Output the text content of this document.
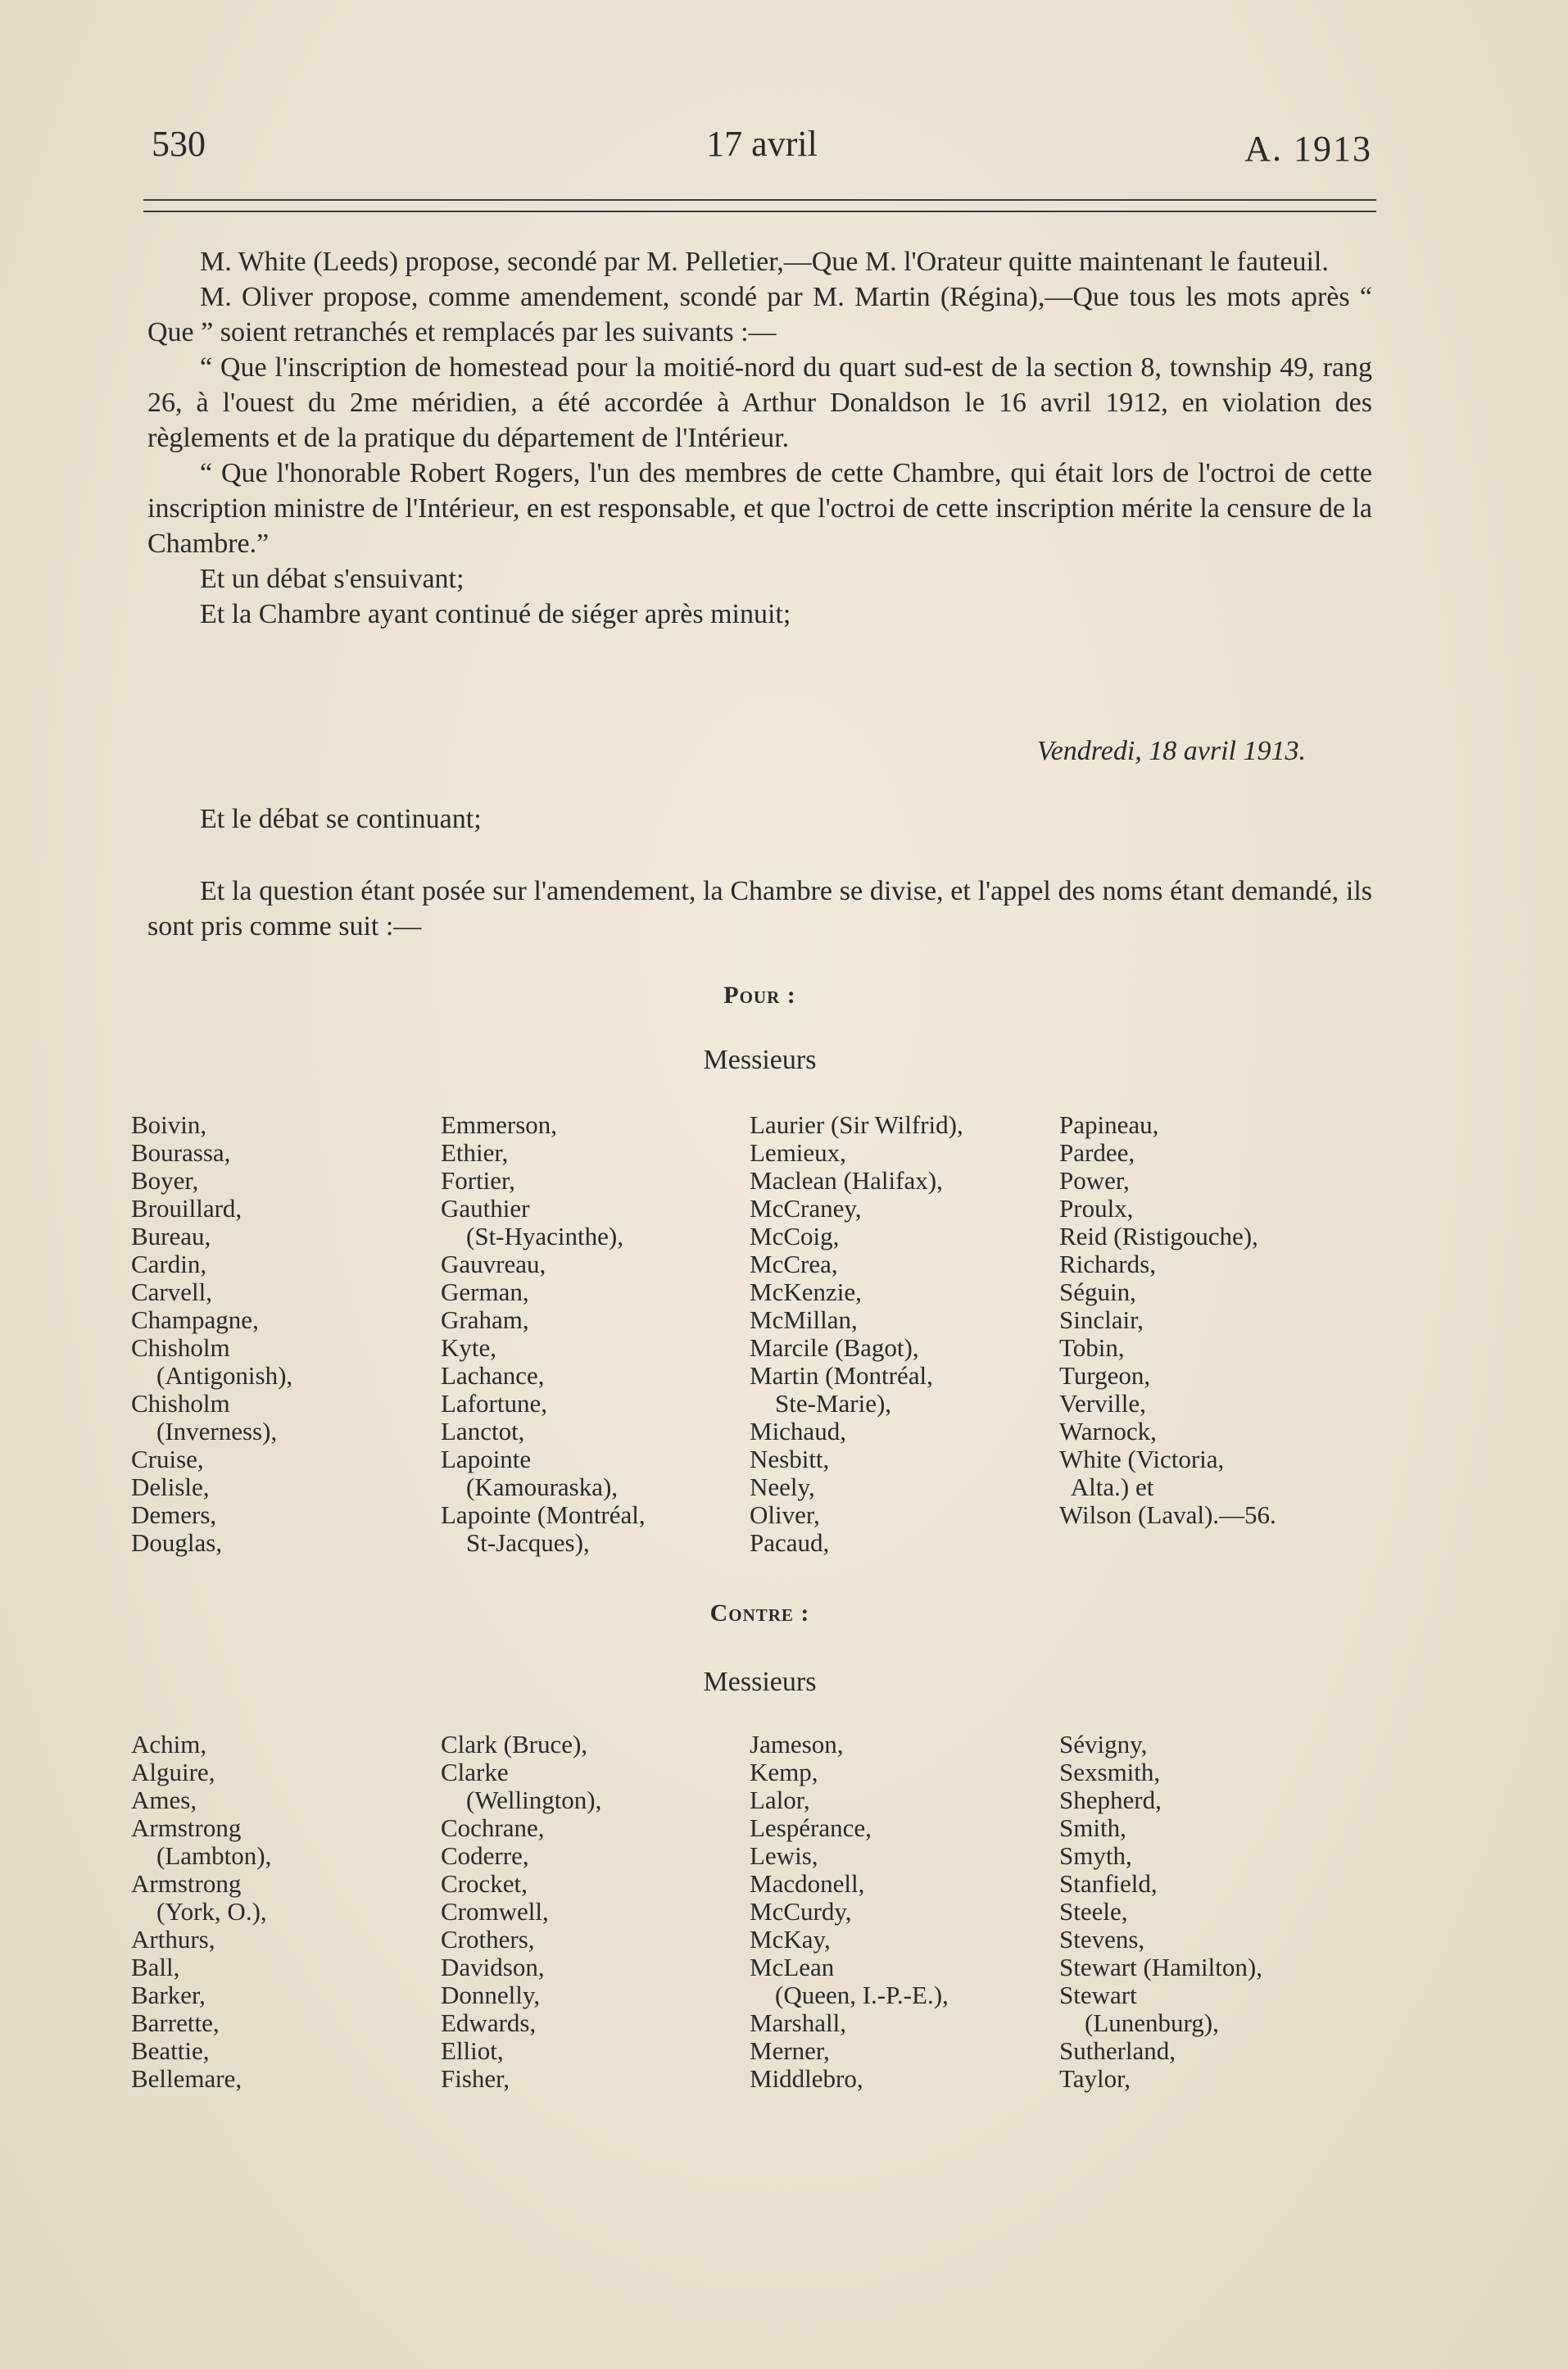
530	17 avril	A. 1913

M. White (Leeds) propose, secondé par M. Pelletier,—Que M. l'Orateur quitte maintenant le fauteuil.

M. Oliver propose, comme amendement, scondé par M. Martin (Régina),—Que tous les mots après “ Que ” soient retranchés et remplacés par les suivants :—

“ Que l'inscription de homestead pour la moitié-nord du quart sud-est de la section 8, township 49, rang 26, à l'ouest du 2me méridien, a été accordée à Arthur Donaldson le 16 avril 1912, en violation des règlements et de la pratique du département de l'Intérieur.

“ Que l'honorable Robert Rogers, l'un des membres de cette Chambre, qui était lors de l'octroi de cette inscription ministre de l'Intérieur, en est responsable, et que l'octroi de cette inscription mérite la censure de la Chambre.”

Et un débat s'ensuivant;

Et la Chambre ayant continué de siéger après minuit;

Vendredi, 18 avril 1913.
Et le débat se continuant;
Et la question étant posée sur l'amendement, la Chambre se divise, et l'appel des noms étant demandé, ils sont pris comme suit :—
Pour :
Messieurs
Boivin,
Bourassa,
Boyer,
Brouillard,
Bureau,
Cardin,
Carvell,
Champagne,
Chisholm
(Antigonish),
Chisholm
(Inverness),
Cruise,
Delisle,
Demers,
Douglas,
Emmerson,
Ethier,
Fortier,
Gauthier
(St-Hyacinthe),
Gauvreau,
German,
Graham,
Kyte,
Lachance,
Lafortune,
Lanctot,
Lapointe
(Kamouraska),
Lapointe (Montréal,
St-Jacques),
Laurier (Sir Wilfrid),
Lemieux,
Maclean (Halifax),
McCraney,
McCoig,
McCrea,
McKenzie,
McMillan,
Marcile (Bagot),
Martin (Montréal,
Ste-Marie),
Michaud,
Nesbitt,
Neely,
Oliver,
Pacaud,
Papineau,
Pardee,
Power,
Proulx,
Reid (Ristigouche),
Richards,
Séguin,
Sinclair,
Tobin,
Turgeon,
Verville,
Warnock,
White (Victoria,
Alta.) et
Wilson (Laval).—56.
Contre :
Messieurs
Achim,
Alguire,
Ames,
Armstrong
(Lambton),
Armstrong
(York, O.),
Arthurs,
Ball,
Barker,
Barrette,
Beattie,
Bellemare,
Clark (Bruce),
Clarke
(Wellington),
Cochrane,
Coderre,
Crocket,
Cromwell,
Crothers,
Davidson,
Donnelly,
Edwards,
Elliot,
Fisher,
Jameson,
Kemp,
Lalor,
Lespérance,
Lewis,
Macdonell,
McCurdy,
McKay,
McLean
(Queen, I.-P.-E.),
Marshall,
Merner,
Middlebro,
Sévigny,
Sexsmith,
Shepherd,
Smith,
Smyth,
Stanfield,
Steele,
Stevens,
Stewart (Hamilton),
Stewart
(Lunenburg),
Sutherland,
Taylor,
